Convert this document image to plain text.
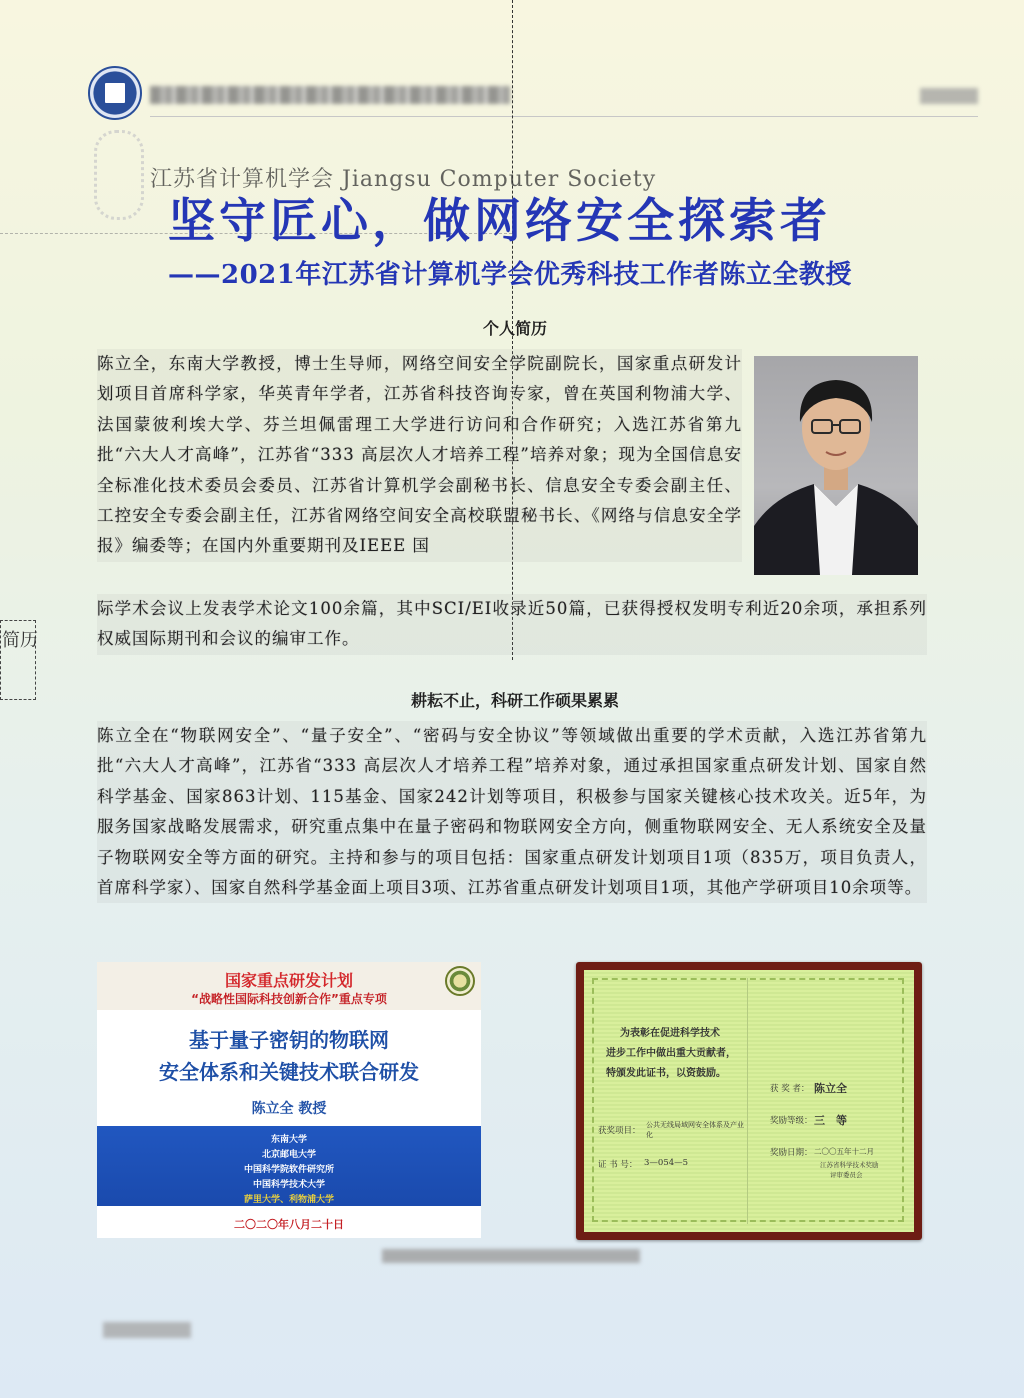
江苏省计算机学会 Jiangsu Computer Society
简历
坚守匠心，做网络安全探索者
——2021年江苏省计算机学会优秀科技工作者陈立全教授
个人简历
陈立全，东南大学教授，博士生导师，网络空间安全学院副院长，国家重点研发计划项目首席科学家，华英青年学者，江苏省科技咨询专家，曾在英国利物浦大学、法国蒙彼利埃大学、芬兰坦佩雷理工大学进行访问和合作研究；入选江苏省第九批“六大人才高峰”，江苏省“333 高层次人才培养工程”培养对象；现为全国信息安全标准化技术委员会委员、江苏省计算机学会副秘书长、信息安全专委会副主任、工控安全专委会副主任，江苏省网络空间安全高校联盟秘书长、《网络与信息安全学报》编委等；在国内外重要期刊及IEEE 国
际学术会议上发表学术论文100余篇，其中SCI/EI收录近50篇，已获得授权发明专利近20余项，承担系列权威国际期刊和会议的编审工作。
耕耘不止，科研工作硕果累累
陈立全在“物联网安全”、“量子安全”、“密码与安全协议”等领域做出重要的学术贡献，入选江苏省第九批“六大人才高峰”，江苏省“333 高层次人才培养工程”培养对象，通过承担国家重点研发计划、国家自然科学基金、国家863计划、115基金、国家242计划等项目，积极参与国家关键核心技术攻关。近5年，为服务国家战略发展需求，研究重点集中在量子密码和物联网安全方向，侧重物联网安全、无人系统安全及量子物联网安全等方面的研究。主持和参与的项目包括：国家重点研发计划项目1项（835万，项目负责人，首席科学家）、国家自然科学基金面上项目3项、江苏省重点研发计划项目1项，其他产学研项目10余项等。
国家重点研发计划
“战略性国际科技创新合作”重点专项
基于量子密钥的物联网
安全体系和关键技术联合研发
陈立全 教授
东南大学
北京邮电大学
中国科学院软件研究所
中国科学技术大学
萨里大学、利物浦大学
二〇二〇年八月二十日
为表彰在促进科学技术
进步工作中做出重大贡献者，
特颁发此证书，以资鼓励。
获奖项目：
公共无线局域网安全体系及产业化
证 书 号： 3—054—5
获 奖 者： 陈立全
奖励等级： 三　等
奖励日期： 二〇〇五年十二月
江苏省科学技术奖励
评审委员会
